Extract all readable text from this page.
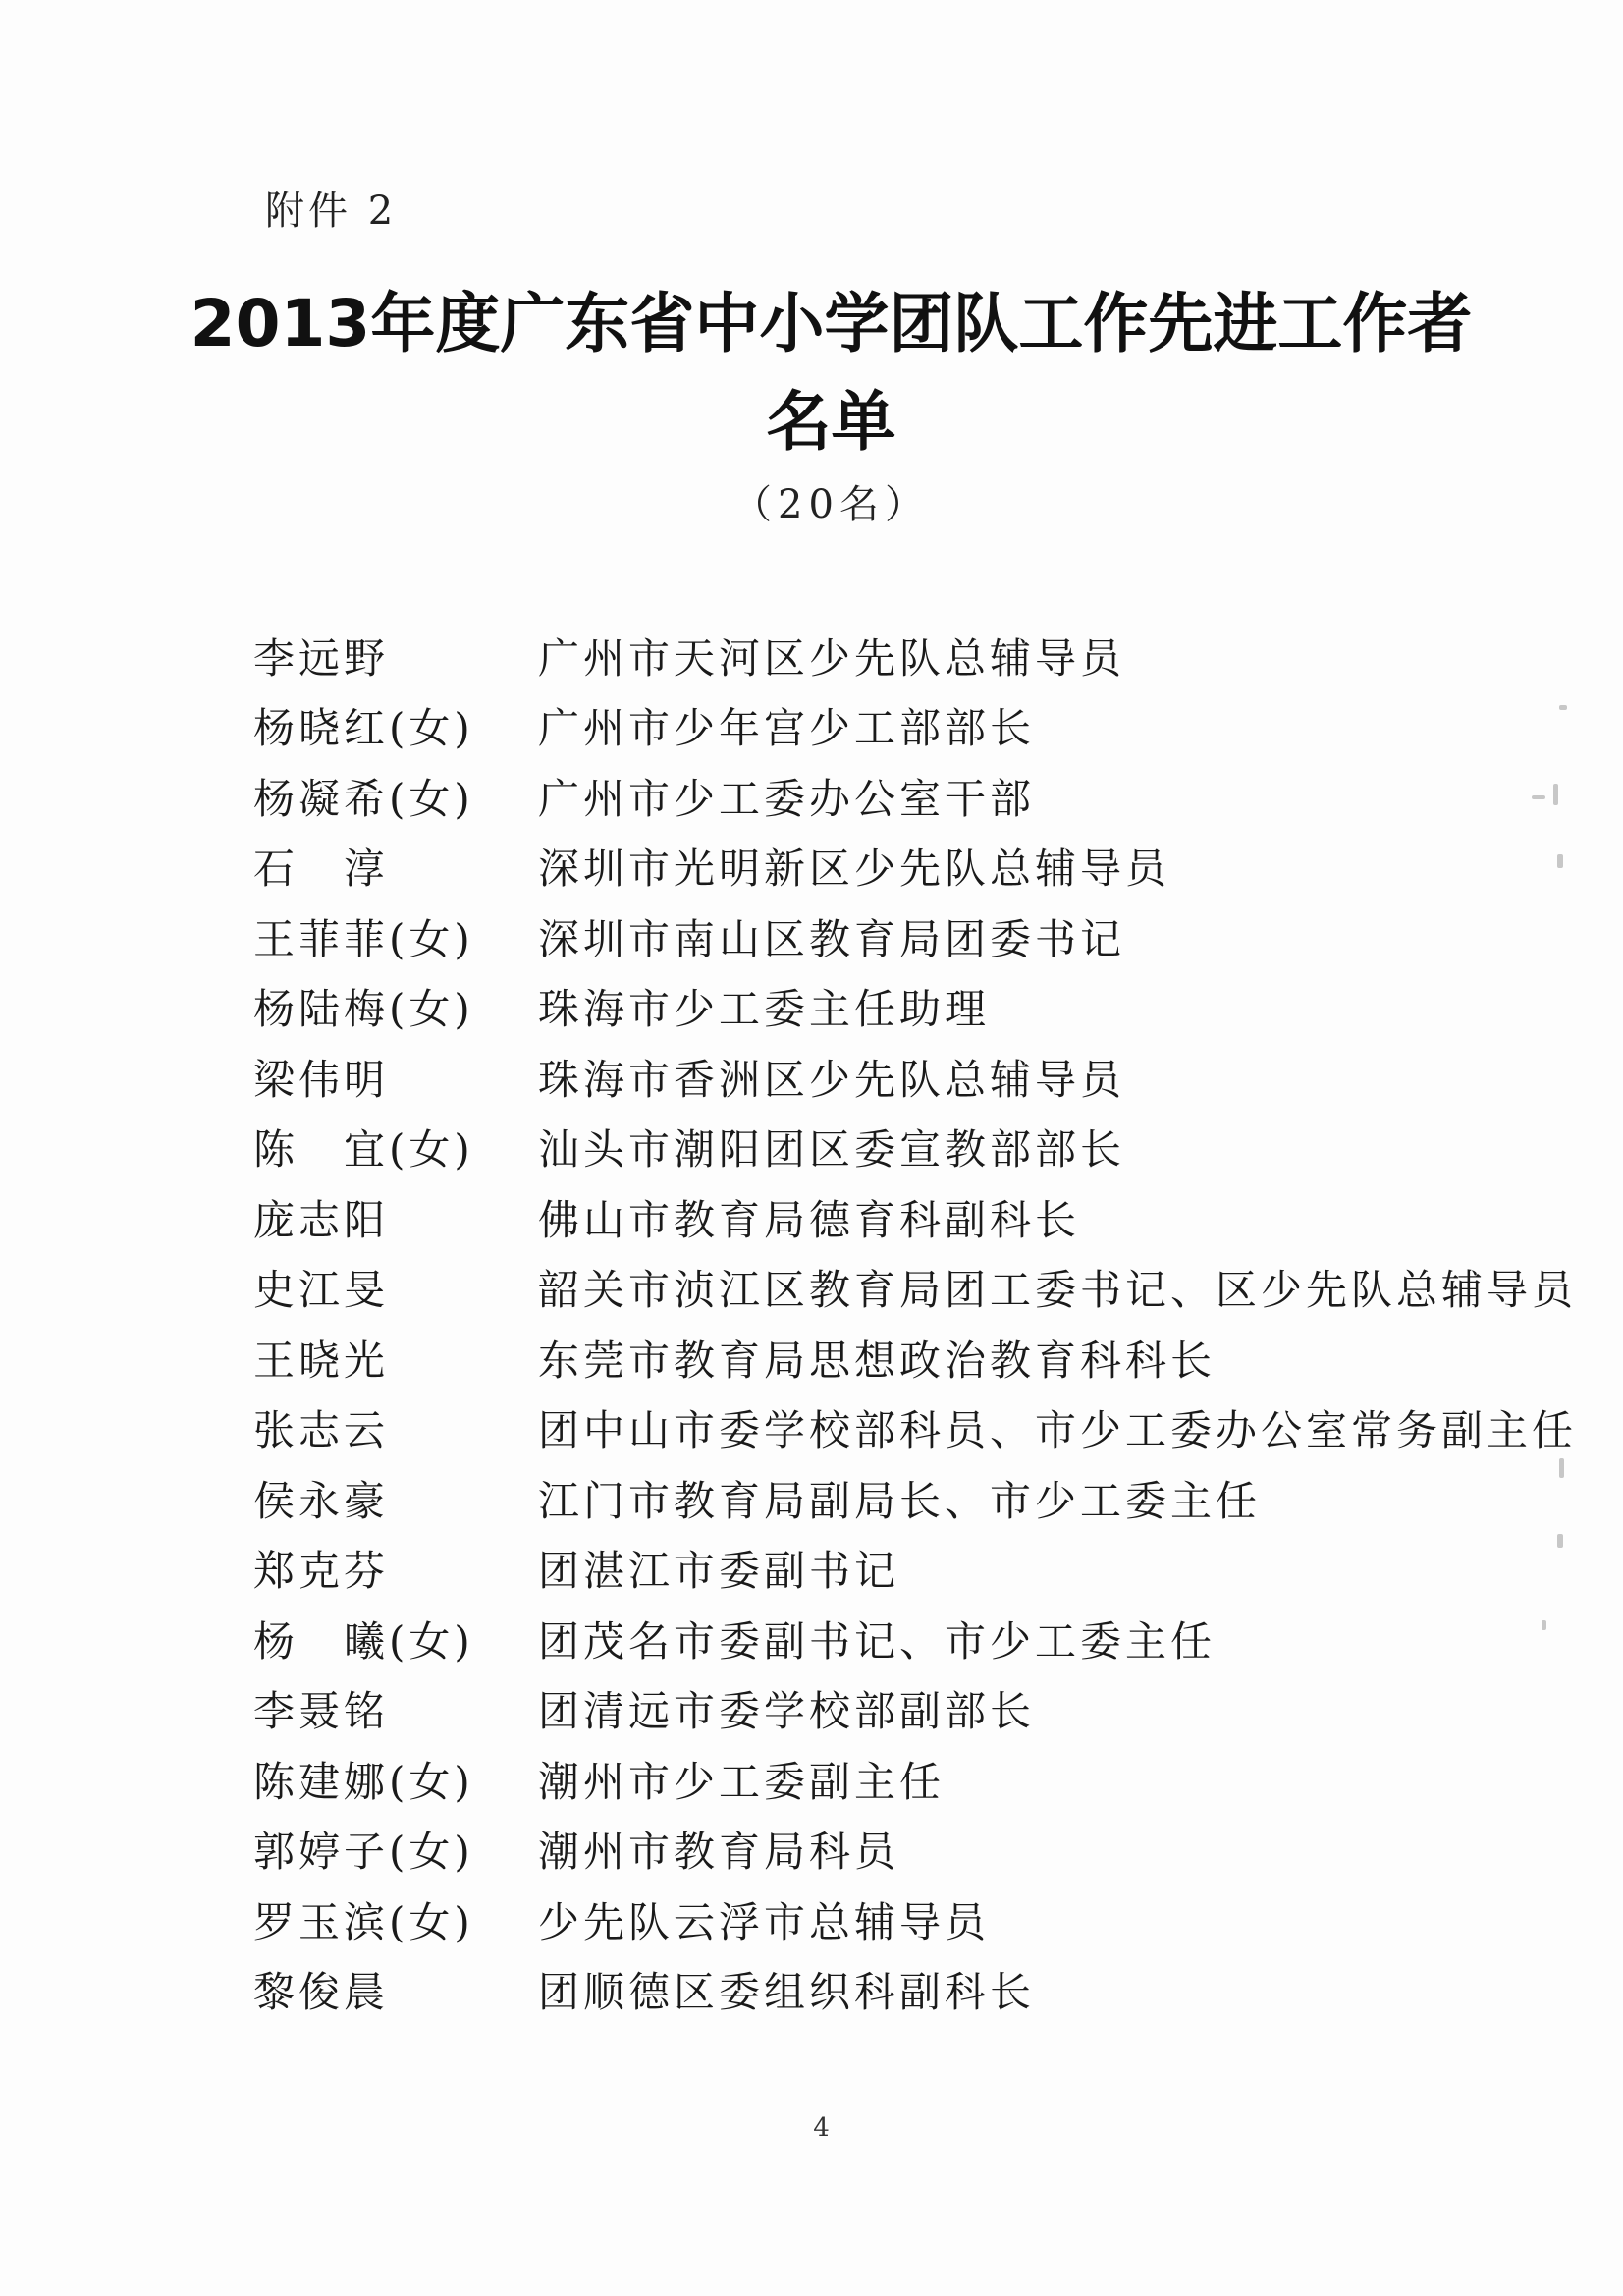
附件 2
2013年度广东省中小学团队工作先进工作者
名单
（20名）
李远野	广州市天河区少先队总辅导员
杨晓红(女)	广州市少年宫少工部部长
杨凝希(女)	广州市少工委办公室干部
石　淳	深圳市光明新区少先队总辅导员
王菲菲(女)	深圳市南山区教育局团委书记
杨陆梅(女)	珠海市少工委主任助理
梁伟明	珠海市香洲区少先队总辅导员
陈　宜(女)	汕头市潮阳团区委宣教部部长
庞志阳	佛山市教育局德育科副科长
史江旻	韶关市浈江区教育局团工委书记、区少先队总辅导员
王晓光	东莞市教育局思想政治教育科科长
张志云	团中山市委学校部科员、市少工委办公室常务副主任
侯永豪	江门市教育局副局长、市少工委主任
郑克芬	团湛江市委副书记
杨　曦(女)	团茂名市委副书记、市少工委主任
李聂铭	团清远市委学校部副部长
陈建娜(女)	潮州市少工委副主任
郭婷子(女)	潮州市教育局科员
罗玉滨(女)	少先队云浮市总辅导员
黎俊晨	团顺德区委组织科副科长
4
